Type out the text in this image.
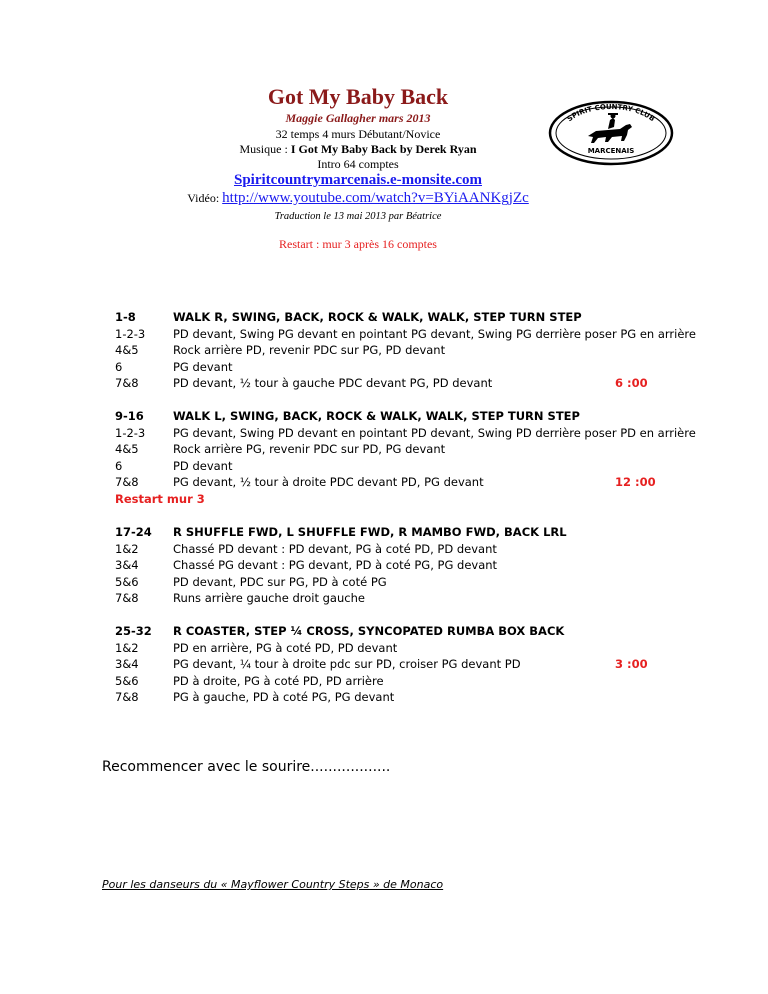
Got My Baby Back
Maggie Gallagher mars 2013
32 temps 4 murs Débutant/Novice
Musique : I Got My Baby Back by Derek Ryan
Intro 64 comptes
Spiritcountrymarcenais.e-monsite.com
Vidéo: http://www.youtube.com/watch?v=BYiAANKgjZc
Traduction le 13 mai 2013 par Béatrice
Restart : mur 3 après 16 comptes
SPIRIT COUNTRY CLUB
MARCENAIS
1-8	WALK R, SWING, BACK, ROCK & WALK, WALK, STEP TURN STEP
1-2-3 PD devant, Swing PG devant en pointant PG devant, Swing PG derrière poser PG en arrière
4&5	Rock arrière PD, revenir PDC sur PG, PD devant
6	PG devant
7&8	PD devant, ½ tour à gauche PDC devant PG, PD devant	6 :00
9-16	WALK L, SWING, BACK, ROCK & WALK, WALK, STEP TURN STEP
1-2-3 PG devant, Swing PD devant en pointant PD devant, Swing PD derrière poser PD en arrière
4&5	Rock arrière PG, revenir PDC sur PD, PG devant
6	PD devant
7&8	PG devant, ½ tour à droite PDC devant PD, PG devant	12 :00
Restart mur 3
17-24 R SHUFFLE FWD, L SHUFFLE FWD, R MAMBO FWD, BACK LRL
1&2	Chassé PD devant : PD devant, PG à coté PD, PD devant
3&4	Chassé PG devant : PG devant, PD à coté PG, PG devant
5&6	PD devant, PDC sur PG, PD à coté PG
7&8	Runs arrière gauche droit gauche
25-32 R COASTER, STEP ¼ CROSS, SYNCOPATED RUMBA BOX BACK
1&2	PD en arrière, PG à coté PD, PD devant
3&4	PG devant, ¼ tour à droite pdc sur PD, croiser PG devant PD	3 :00
5&6	PD à droite, PG à coté PD, PD arrière
7&8	PG à gauche, PD à coté PG, PG devant
Recommencer avec le sourire..................
Pour les danseurs du « Mayflower Country Steps » de Monaco
